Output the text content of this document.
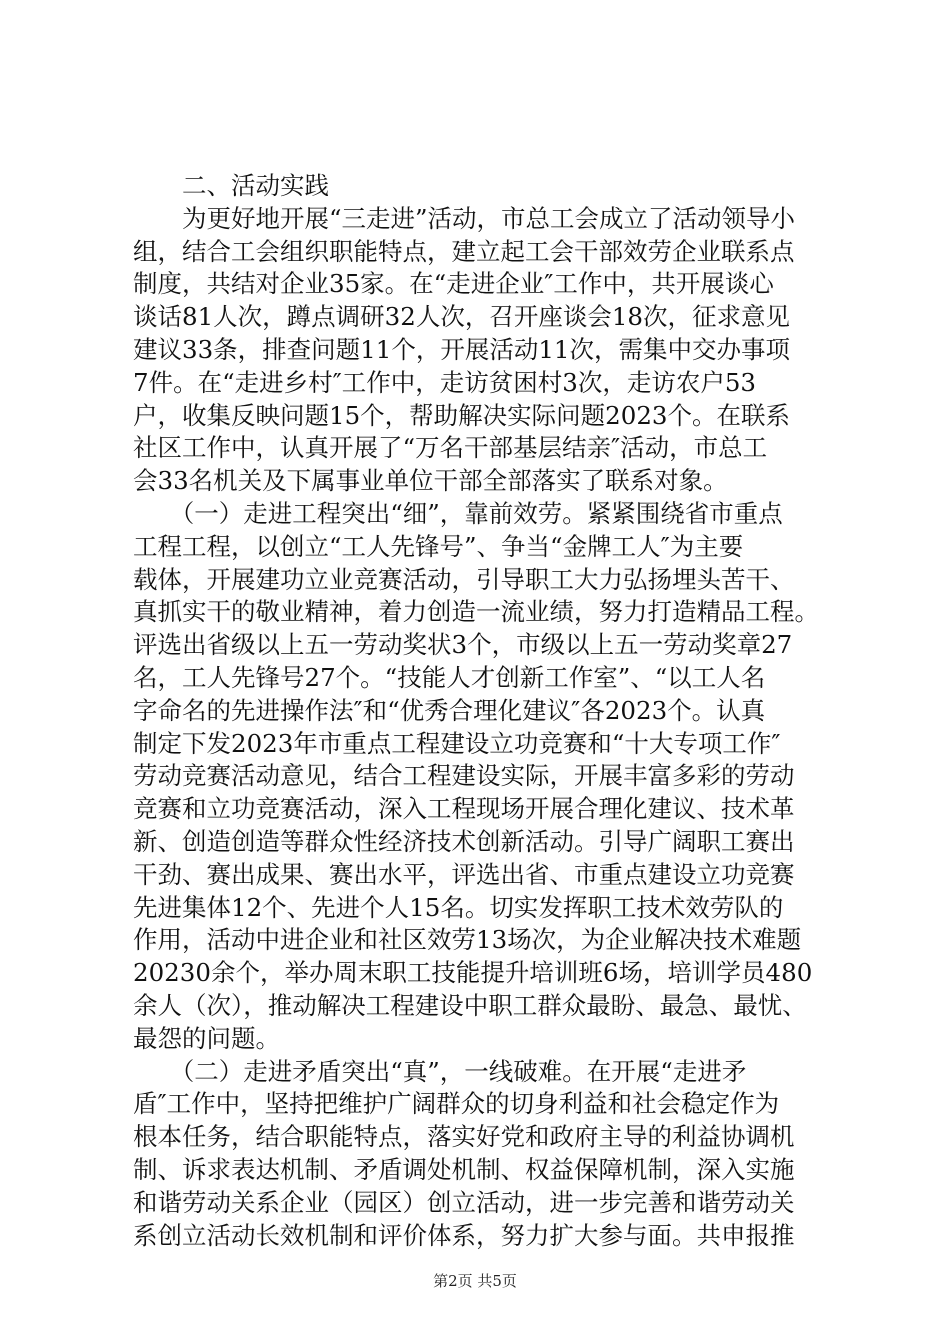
　　二、活动实践
　　为更好地开展“三走进”活动，市总工会成立了活动领导小
组，结合工会组织职能特点，建立起工会干部效劳企业联系点
制度，共结对企业35家。在“走进企业″工作中，共开展谈心
谈话81人次，蹲点调研32人次，召开座谈会18次，征求意见
建议33条，排查问题11个，开展活动11次，需集中交办事项
7件。在“走进乡村″工作中，走访贫困村3次，走访农户53
户，收集反映问题15个，帮助解决实际问题2023个。在联系
社区工作中，认真开展了“万名干部基层结亲″活动，市总工
会33名机关及下属事业单位干部全部落实了联系对象。
　　（一）走进工程突出“细”，靠前效劳。紧紧围绕省市重点
工程工程，以创立“工人先锋号”、争当“金牌工人″为主要
载体，开展建功立业竞赛活动，引导职工大力弘扬埋头苦干、
真抓实干的敬业精神，着力创造一流业绩，努力打造精品工程。
评选出省级以上五一劳动奖状3个，市级以上五一劳动奖章27
名，工人先锋号27个。“技能人才创新工作室”、“以工人名
字命名的先进操作法″和“优秀合理化建议″各2023个。认真
制定下发2023年市重点工程建设立功竞赛和“十大专项工作″
劳动竞赛活动意见，结合工程建设实际，开展丰富多彩的劳动
竞赛和立功竞赛活动，深入工程现场开展合理化建议、技术革
新、创造创造等群众性经济技术创新活动。引导广阔职工赛出
干劲、赛出成果、赛出水平，评选出省、市重点建设立功竞赛
先进集体12个、先进个人15名。切实发挥职工技术效劳队的
作用，活动中进企业和社区效劳13场次，为企业解决技术难题
20230余个，举办周末职工技能提升培训班6场，培训学员480
余人（次），推动解决工程建设中职工群众最盼、最急、最忧、
最怨的问题。
　　（二）走进矛盾突出“真”，一线破难。在开展“走进矛
盾″工作中，坚持把维护广阔群众的切身利益和社会稳定作为
根本任务，结合职能特点，落实好党和政府主导的利益协调机
制、诉求表达机制、矛盾调处机制、权益保障机制，深入实施
和谐劳动关系企业（园区）创立活动，进一步完善和谐劳动关
系创立活动长效机制和评价体系，努力扩大参与面。共申报推
第2页 共5页
